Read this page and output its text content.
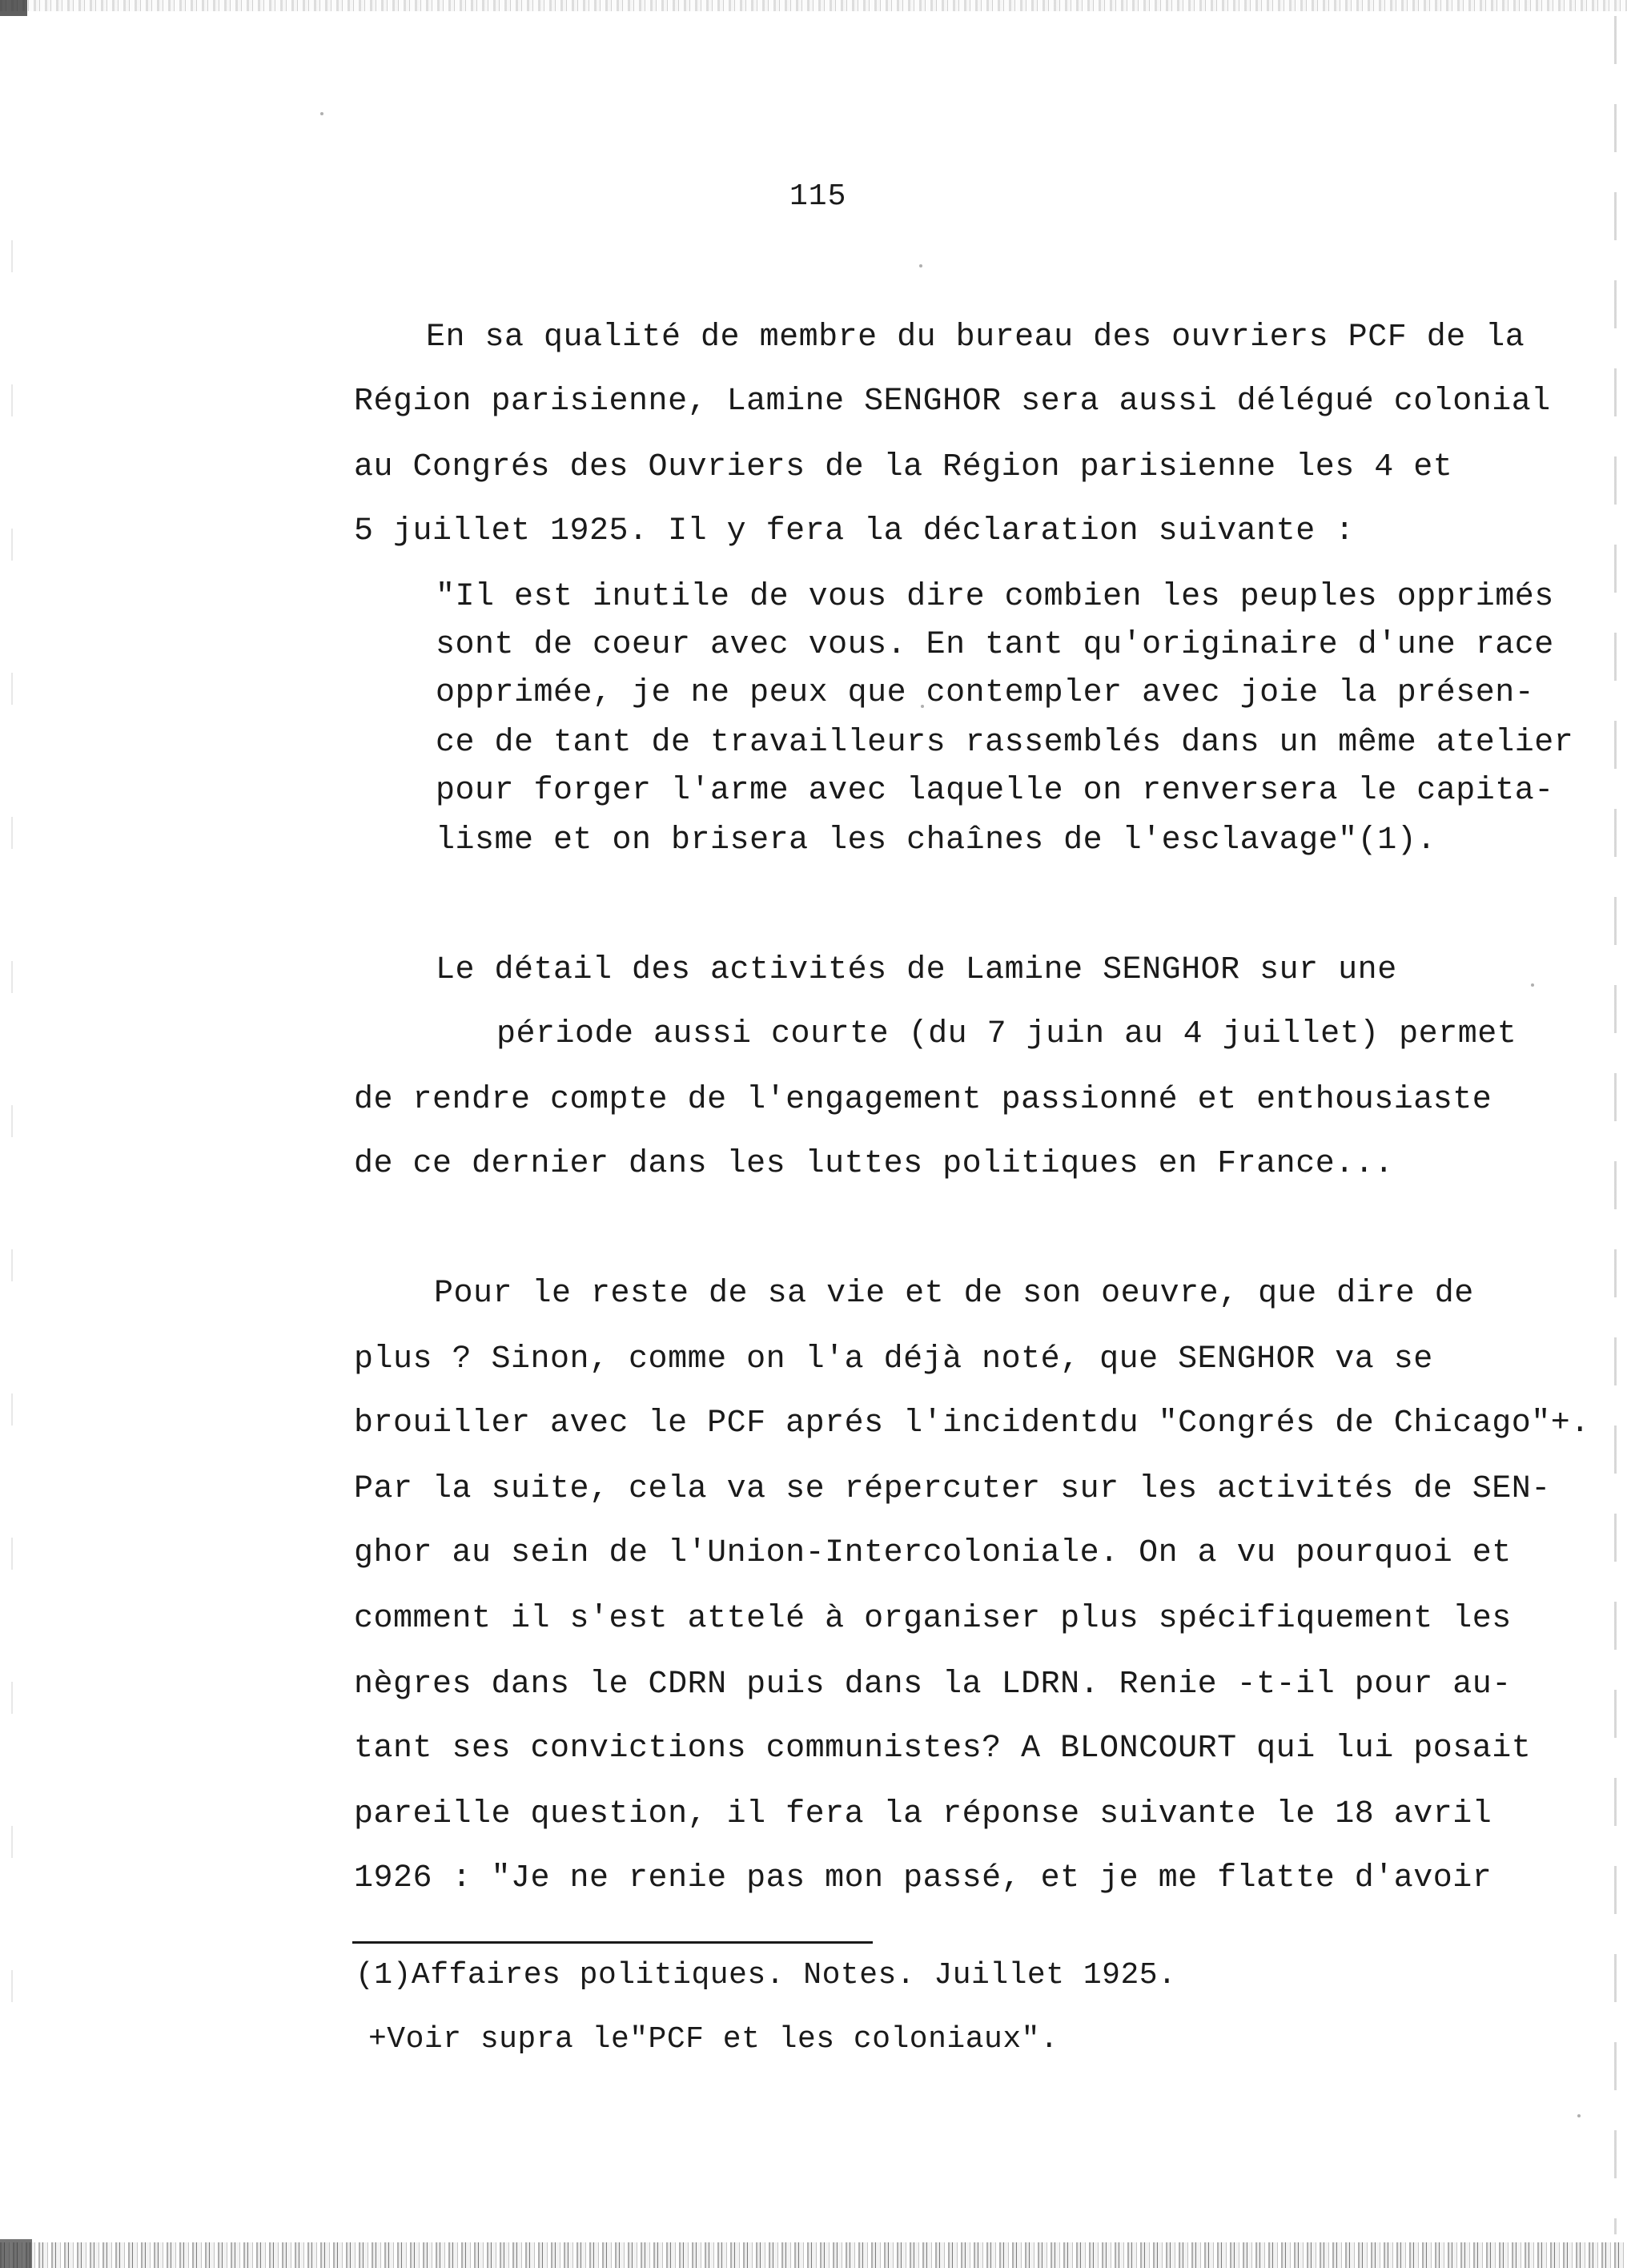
115
En sa qualité de membre du bureau des ouvriers PCF de la
Région parisienne, Lamine SENGHOR sera aussi délégué colonial
au Congrés des Ouvriers de la Région parisienne les 4 et
5 juillet 1925. Il y fera la déclaration suivante :
"Il est inutile de vous dire combien les peuples opprimés
sont de coeur avec vous. En tant qu'originaire d'une race
opprimée, je ne peux que contempler avec joie la présen-
ce de tant de travailleurs rassemblés dans un même atelier
pour forger l'arme avec laquelle on renversera le capita-
lisme et on brisera les chaînes de l'esclavage"(1).
Le détail des activités de Lamine SENGHOR sur une
période aussi courte (du 7 juin au 4 juillet) permet
de rendre compte de l'engagement passionné et enthousiaste
de ce dernier dans les luttes politiques en France...
Pour le reste de sa vie et de son oeuvre, que dire de
plus ? Sinon, comme on l'a déjà noté, que SENGHOR va se
brouiller avec le PCF aprés l'incidentdu "Congrés de Chicago"+.
Par la suite, cela va se répercuter sur les activités de SEN-
ghor au sein de l'Union-Intercoloniale. On a vu pourquoi et
comment il s'est attelé à organiser plus spécifiquement les
nègres dans le CDRN puis dans la LDRN. Renie -t-il pour au-
tant ses convictions communistes? A BLONCOURT qui lui posait
pareille question, il fera la réponse suivante le 18 avril
1926 : "Je ne renie pas mon passé, et je me flatte d'avoir
(1)Affaires politiques. Notes. Juillet 1925.
+Voir supra le"PCF et les coloniaux".
